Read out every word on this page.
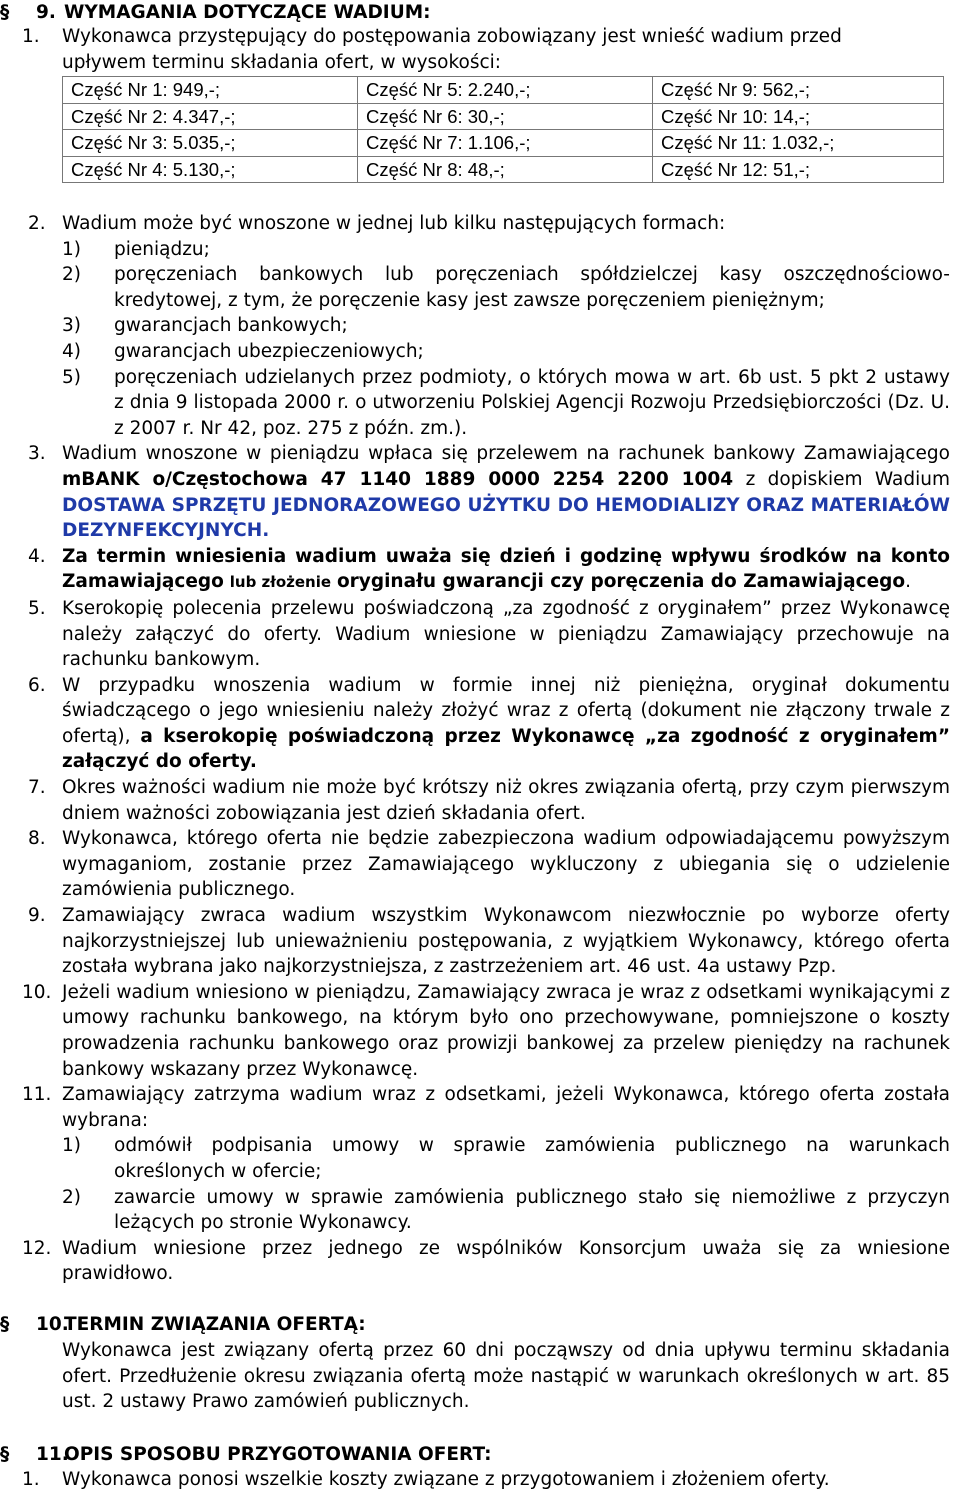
§ 9. WYMAGANIA DOTYCZĄCE WADIUM:
1. Wykonawca przystępujący do postępowania zobowiązany jest wnieść wadium przed upływem terminu składania ofert, w wysokości:
Część Nr 1: 949,-;	Część Nr 5: 2.240,-;	Część Nr 9: 562,-;
Część Nr 2: 4.347,-;	Część Nr 6: 30,-;	Część Nr 10: 14,-;
Część Nr 3: 5.035,-;	Część Nr 7: 1.106,-;	Część Nr 11: 1.032,-;
Część Nr 4: 5.130,-;	Część Nr 8: 48,-;	Część Nr 12: 51,-;
2. Wadium może być wnoszone w jednej lub kilku następujących formach:
1) pieniądzu;
2) poręczeniach bankowych lub poręczeniach spółdzielczej kasy oszczędnościowo-kredytowej, z tym, że poręczenie kasy jest zawsze poręczeniem pieniężnym;
3) gwarancjach bankowych;
4) gwarancjach ubezpieczeniowych;
5) poręczeniach udzielanych przez podmioty, o których mowa w art. 6b ust. 5 pkt 2 ustawy z dnia 9 listopada 2000 r. o utworzeniu Polskiej Agencji Rozwoju Przedsiębiorczości (Dz. U. z 2007 r. Nr 42, poz. 275 z późn. zm.).
3. Wadium wnoszone w pieniądzu wpłaca się przelewem na rachunek bankowy Zamawiającego mBANK o/Częstochowa 47 1140 1889 0000 2254 2200 1004 z dopiskiem Wadium DOSTAWA SPRZĘTU JEDNORAZOWEGO UŻYTKU DO HEMODIALIZY ORAZ MATERIAŁÓW DEZYNFEKCYJNYCH.
4. Za termin wniesienia wadium uważa się dzień i godzinę wpływu środków na konto Zamawiającego lub złożenie oryginału gwarancji czy poręczenia do Zamawiającego.
5. Kserokopię polecenia przelewu poświadczoną „za zgodność z oryginałem” przez Wykonawcę należy załączyć do oferty. Wadium wniesione w pieniądzu Zamawiający przechowuje na rachunku bankowym.
6. W przypadku wnoszenia wadium w formie innej niż pieniężna, oryginał dokumentu świadczącego o jego wniesieniu należy złożyć wraz z ofertą (dokument nie złączony trwale z ofertą), a kserokopię poświadczoną przez Wykonawcę „za zgodność z oryginałem” załączyć do oferty.
7. Okres ważności wadium nie może być krótszy niż okres związania ofertą, przy czym pierwszym dniem ważności zobowiązania jest dzień składania ofert.
8. Wykonawca, którego oferta nie będzie zabezpieczona wadium odpowiadającemu powyższym wymaganiom, zostanie przez Zamawiającego wykluczony z ubiegania się o udzielenie zamówienia publicznego.
9. Zamawiający zwraca wadium wszystkim Wykonawcom niezwłocznie po wyborze oferty najkorzystniejszej lub unieważnieniu postępowania, z wyjątkiem Wykonawcy, którego oferta została wybrana jako najkorzystniejsza, z zastrzeżeniem art. 46 ust. 4a ustawy Pzp.
10. Jeżeli wadium wniesiono w pieniądzu, Zamawiający zwraca je wraz z odsetkami wynikającymi z umowy rachunku bankowego, na którym było ono przechowywane, pomniejszone o koszty prowadzenia rachunku bankowego oraz prowizji bankowej za przelew pieniędzy na rachunek bankowy wskazany przez Wykonawcę.
11. Zamawiający zatrzyma wadium wraz z odsetkami, jeżeli Wykonawca, którego oferta została wybrana:
1) odmówił podpisania umowy w sprawie zamówienia publicznego na warunkach określonych w ofercie;
2) zawarcie umowy w sprawie zamówienia publicznego stało się niemożliwe z przyczyn leżących po stronie Wykonawcy.
12. Wadium wniesione przez jednego ze wspólników Konsorcjum uważa się za wniesione prawidłowo.
§ 10.TERMIN ZWIĄZANIA OFERTĄ:
Wykonawca jest związany ofertą przez 60 dni począwszy od dnia upływu terminu składania ofert. Przedłużenie okresu związania ofertą może nastąpić w warunkach określonych w art. 85 ust. 2 ustawy Prawo zamówień publicznych.
§ 11.OPIS SPOSOBU PRZYGOTOWANIA OFERT:
1. Wykonawca ponosi wszelkie koszty związane z przygotowaniem i złożeniem oferty.
